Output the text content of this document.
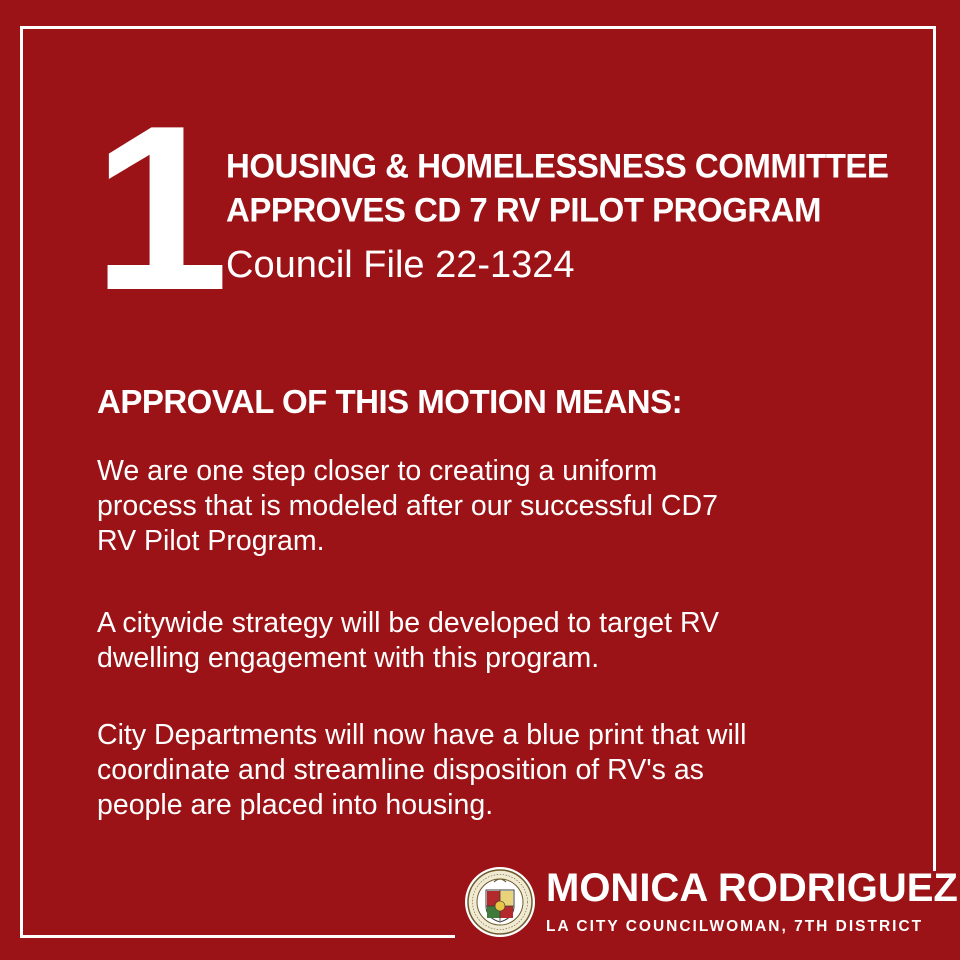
1 HOUSING & HOMELESSNESS COMMITTEE
APPROVES CD 7 RV PILOT PROGRAM
Council File 22-1324
APPROVAL OF THIS MOTION MEANS:
We are one step closer to creating a uniform
process that is modeled after our successful CD7
RV Pilot Program.
A citywide strategy will be developed to target RV
dwelling engagement with this program.
City Departments will now have a blue print that will
coordinate and streamline disposition of RV's as
people are placed into housing.
MONICA RODRIGUEZ
LA CITY COUNCILWOMAN, 7TH DISTRICT
